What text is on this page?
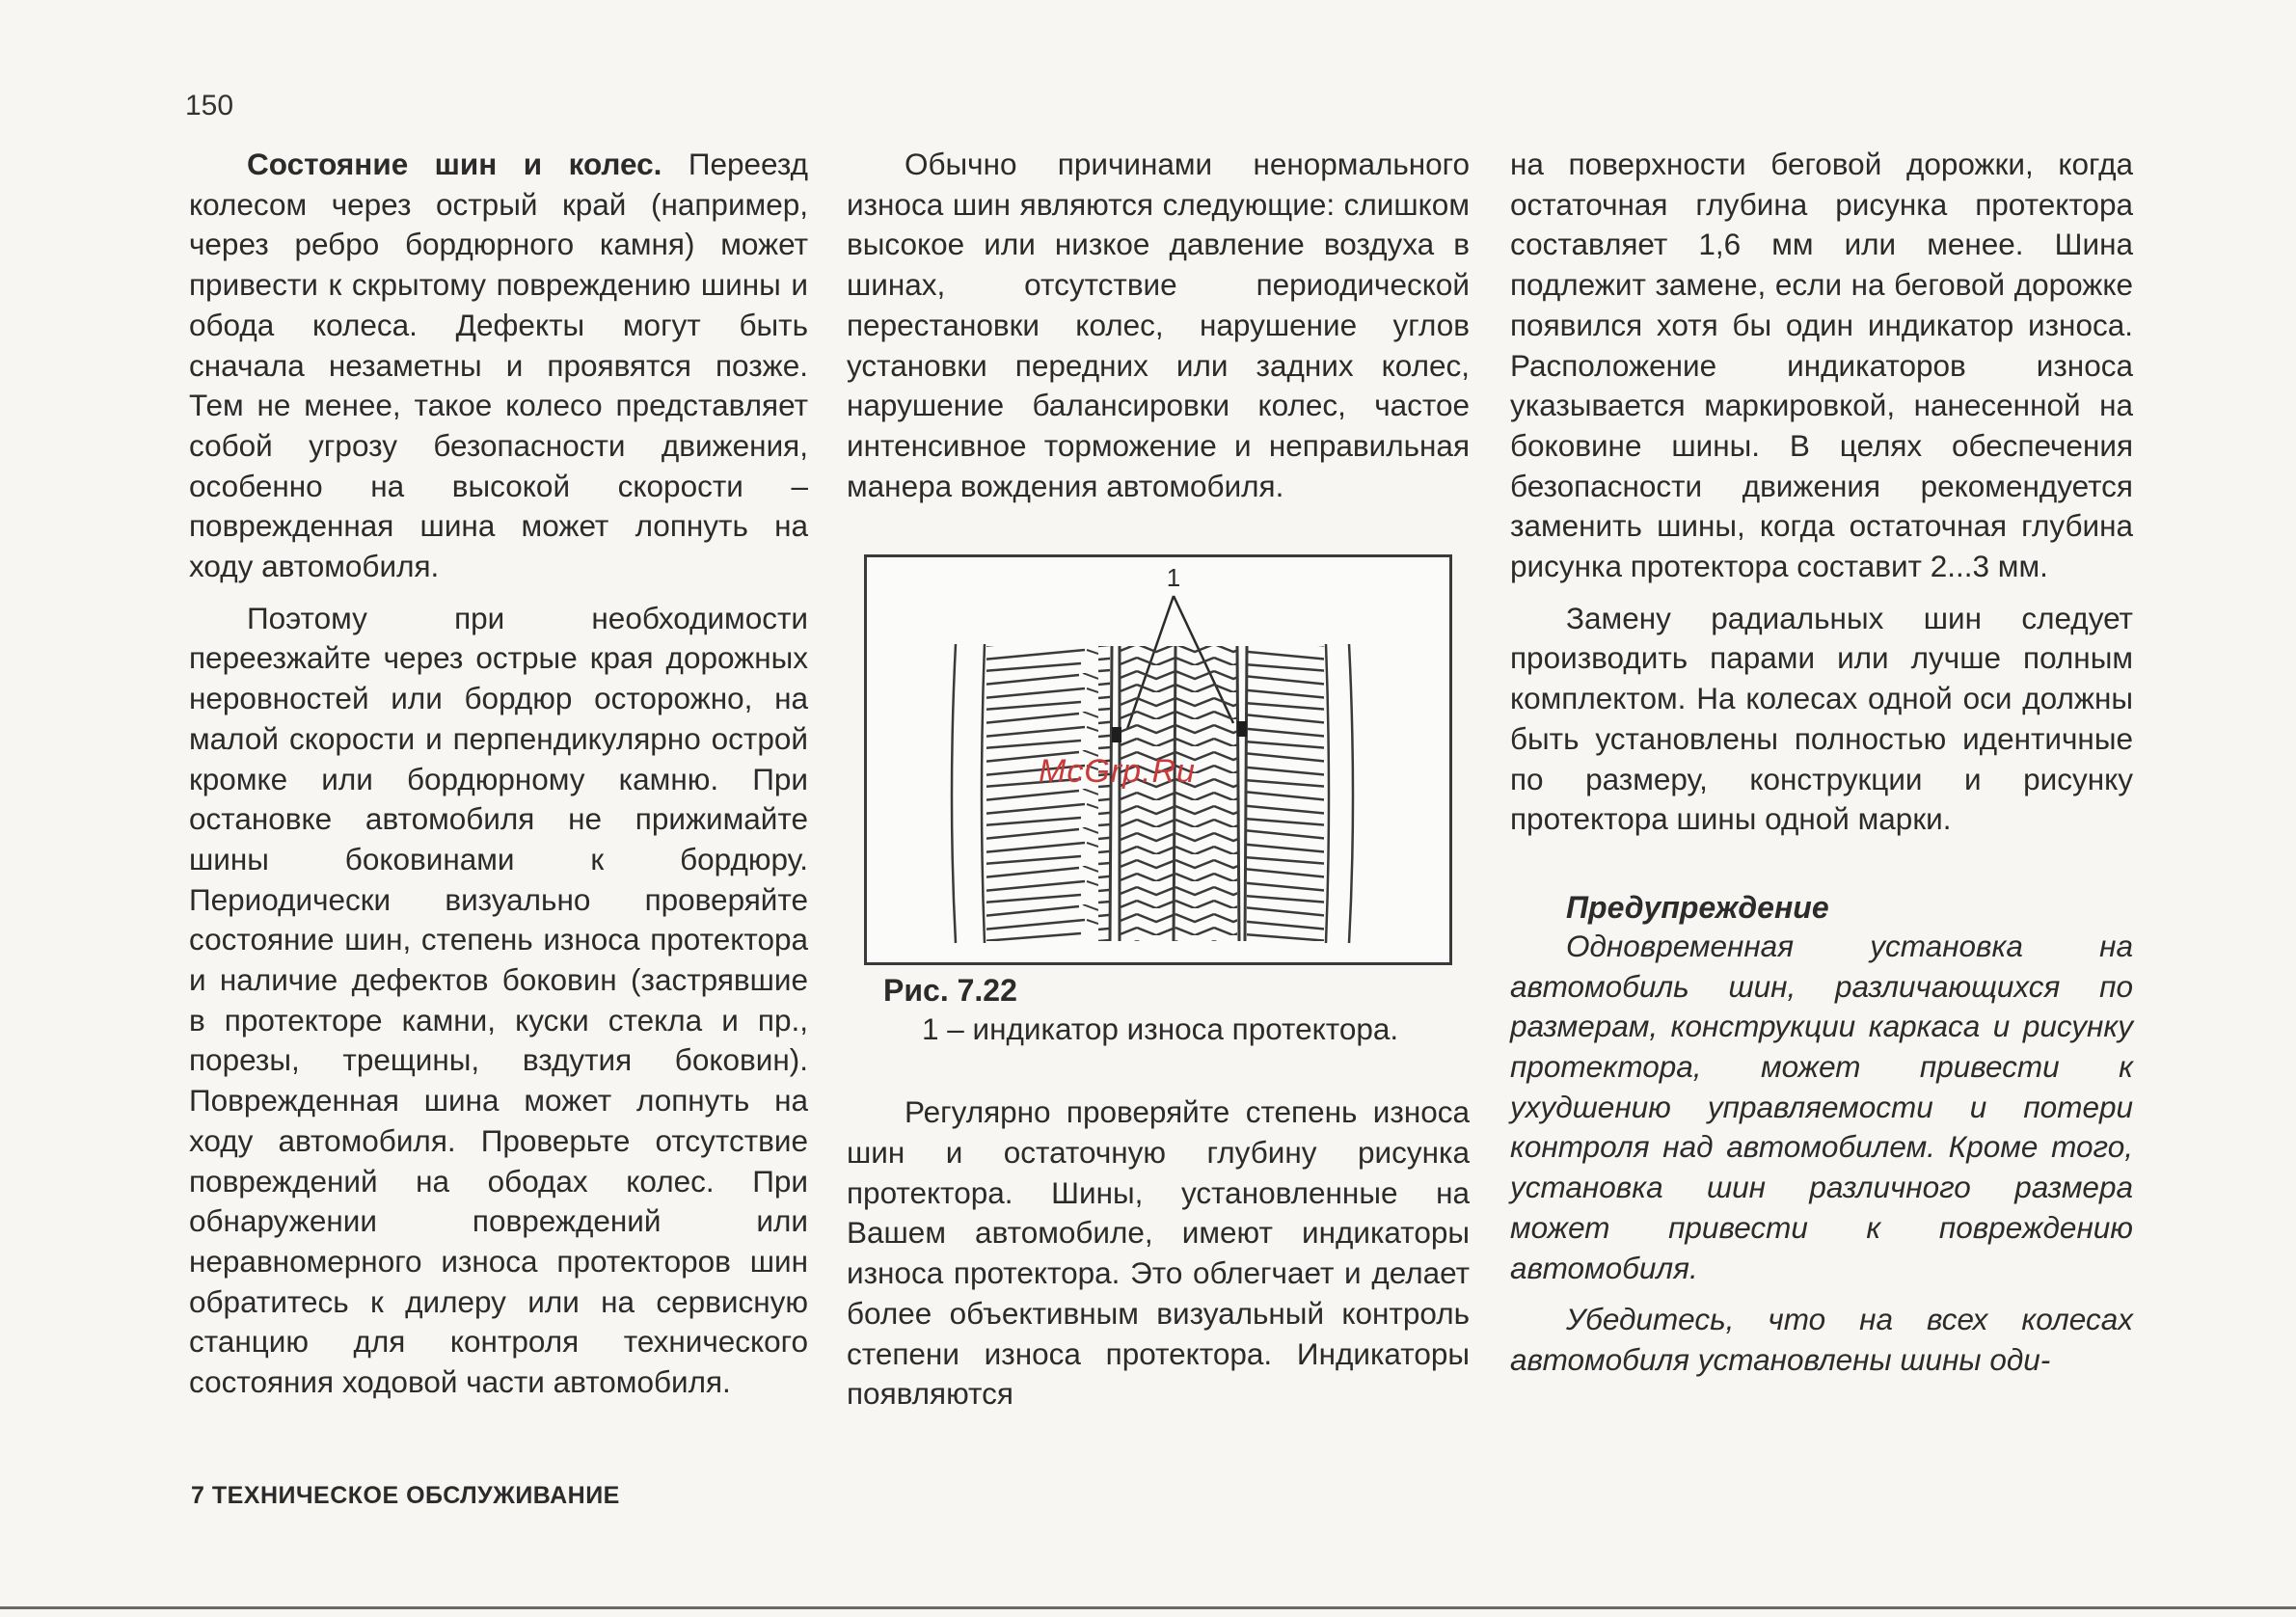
150

Состояние шин и колес. Переезд колесом через острый край (например, через ребро бордюрного камня) может привести к скрытому повреждению шины и обода колеса. Дефекты могут быть сначала незаметны и проявятся позже. Тем не менее, такое колесо представляет собой угрозу безопасности движения, особенно на высокой скорости – поврежденная шина может лопнуть на ходу автомобиля.

Поэтому при необходимости переезжайте через острые края дорожных неровностей или бордюр осторожно, на малой скорости и перпендикулярно острой кромке или бордюрному камню. При остановке автомобиля не прижимайте шины боковинами к бордюру. Периодически визуально проверяйте состояние шин, степень износа протектора и наличие дефектов боковин (застрявшие в протекторе камни, куски стекла и пр., порезы, трещины, вздутия боковин). Поврежденная шина может лопнуть на ходу автомобиля. Проверьте отсутствие повреждений на ободах колес. При обнаружении повреждений или неравномерного износа протекторов шин обратитесь к дилеру или на сервисную станцию для контроля технического состояния ходовой части автомобиля.

Обычно причинами ненормального износа шин являются следующие: слишком высокое или низкое давление воздуха в шинах, отсутствие периодической перестановки колес, нарушение углов установки передних или задних колес, нарушение балансировки колес, частое интенсивное торможение и неправильная манера вождения автомобиля.

1
McGrp.Ru
Рис. 7.22
1 – индикатор износа протектора.

Регулярно проверяйте степень износа шин и остаточную глубину рисунка протектора. Шины, установленные на Вашем автомобиле, имеют индикаторы износа протектора. Это облегчает и делает более объективным визуальный контроль степени износа протектора. Индикаторы появляются

на поверхности беговой дорожки, когда остаточная глубина рисунка протектора составляет 1,6 мм или менее. Шина подлежит замене, если на беговой дорожке появился хотя бы один индикатор износа. Расположение индикаторов износа указывается маркировкой, нанесенной на боковине шины. В целях обеспечения безопасности движения рекомендуется заменить шины, когда остаточная глубина рисунка протектора составит 2...3 мм.

Замену радиальных шин следует производить парами или лучше полным комплектом. На колесах одной оси должны быть установлены полностью идентичные по размеру, конструкции и рисунку протектора шины одной марки.

Предупреждение

Одновременная установка на автомобиль шин, различающихся по размерам, конструкции каркаса и рисунку протектора, может привести к ухудшению управляемости и потери контроля над автомобилем. Кроме того, установка шин различного размера может привести к повреждению автомобиля.

Убедитесь, что на всех колесах автомобиля установлены шины оди-

7 ТЕХНИЧЕСКОЕ ОБСЛУЖИВАНИЕ
